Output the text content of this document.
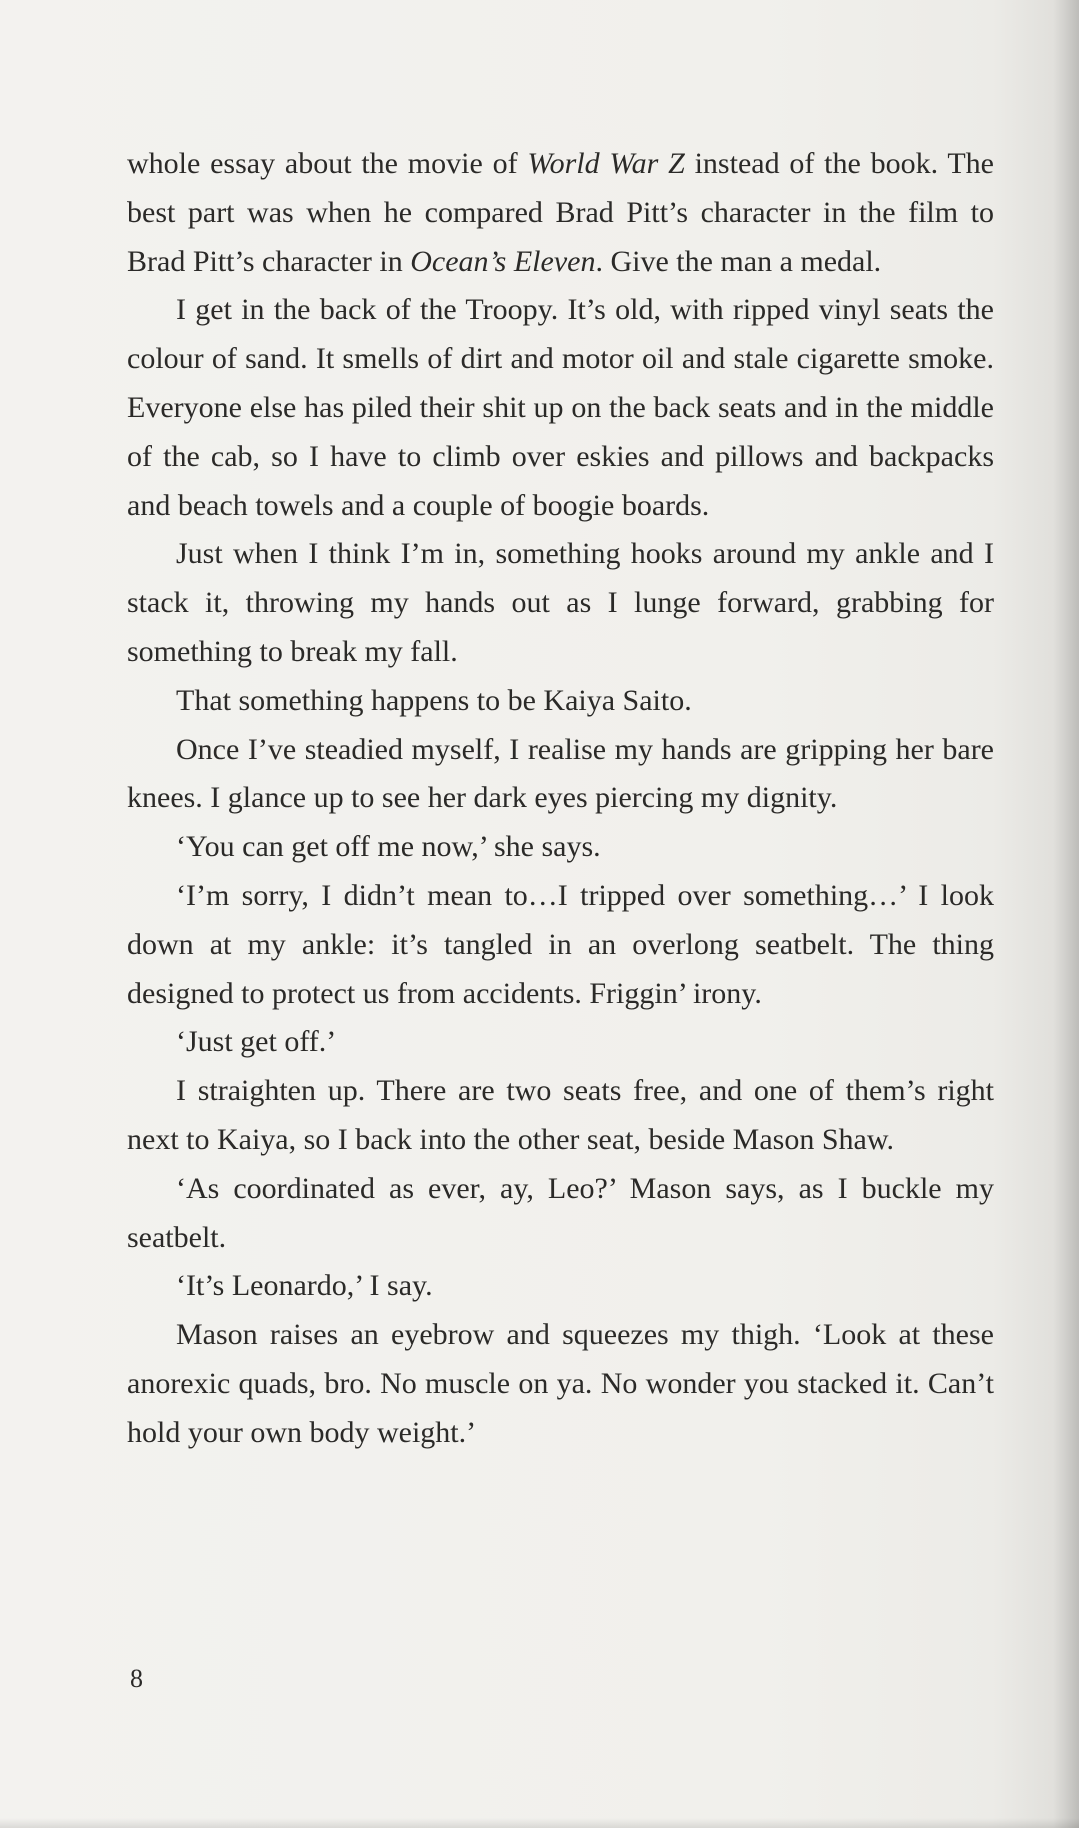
whole essay about the movie of World War Z instead of the book. The best part was when he compared Brad Pitt’s character in the film to Brad Pitt’s character in Ocean’s Eleven. Give the man a medal.

I get in the back of the Troopy. It’s old, with ripped vinyl seats the colour of sand. It smells of dirt and motor oil and stale cigarette smoke. Everyone else has piled their shit up on the back seats and in the middle of the cab, so I have to climb over eskies and pillows and backpacks and beach towels and a couple of boogie boards.

Just when I think I’m in, something hooks around my ankle and I stack it, throwing my hands out as I lunge forward, grabbing for something to break my fall.

That something happens to be Kaiya Saito.

Once I’ve steadied myself, I realise my hands are gripping her bare knees. I glance up to see her dark eyes piercing my dignity.

‘You can get off me now,’ she says.

‘I’m sorry, I didn’t mean to…I tripped over something…’ I look down at my ankle: it’s tangled in an overlong seatbelt. The thing designed to protect us from accidents. Friggin’ irony.

‘Just get off.’

I straighten up. There are two seats free, and one of them’s right next to Kaiya, so I back into the other seat, beside Mason Shaw.

‘As coordinated as ever, ay, Leo?’ Mason says, as I buckle my seatbelt.

‘It’s Leonardo,’ I say.

Mason raises an eyebrow and squeezes my thigh. ‘Look at these anorexic quads, bro. No muscle on ya. No wonder you stacked it. Can’t hold your own body weight.’

8
